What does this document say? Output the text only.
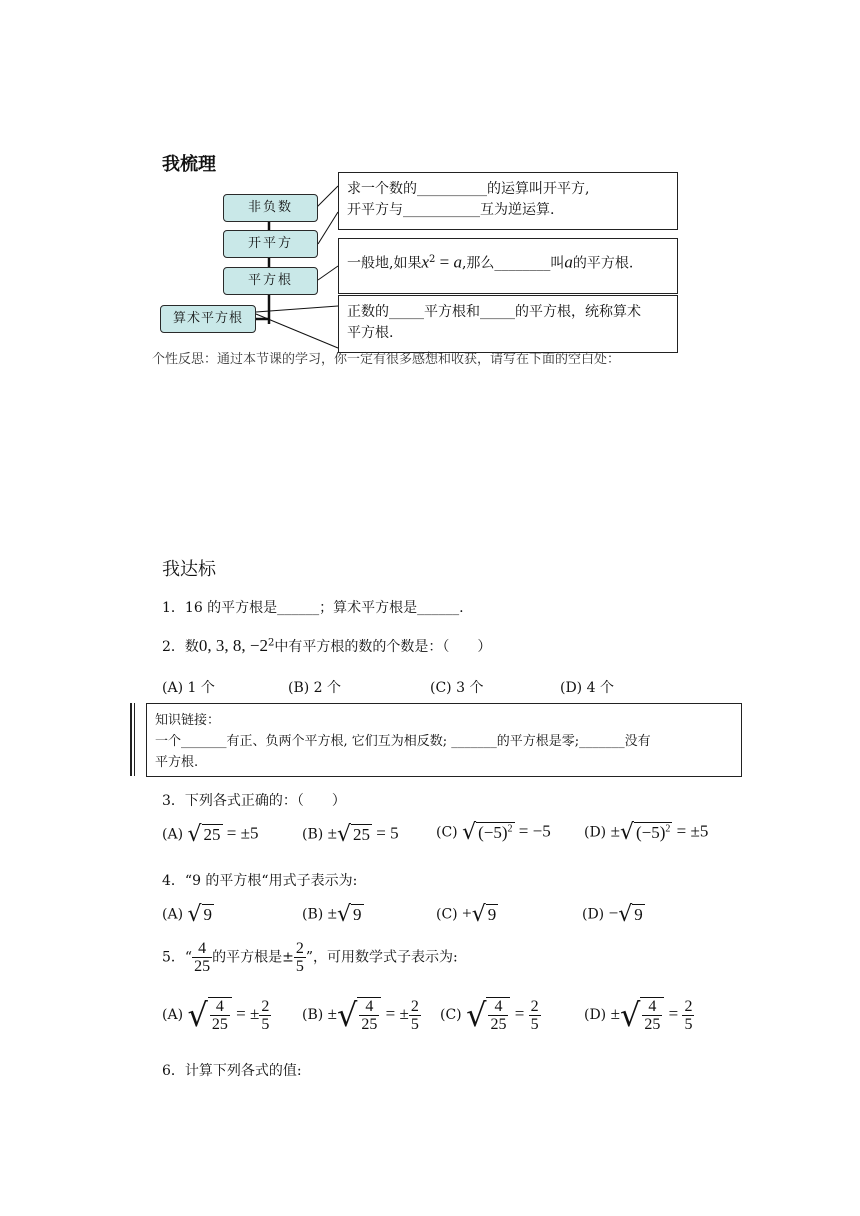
我梳理
非负数
开平方
平方根
算术平方根
求一个数的__________的运算叫开平方,
开平方与___________互为逆运算.
一般地,如果$x^2 = a$,那么________叫a的平方根.
正数的_____平方根和_____的平方根，统称算术
平方根.
个性反思：通过本节课的学习，你一定有很多感想和收获，请写在下面的空白处：
我达标
1．16 的平方根是______；算术平方根是______.
2．数0, 3, 8, $-2^2$中有平方根的数的个数是：（　　）
(A) 1 个	(B) 2 个	(C) 3 个	(D) 4 个
知识链接：
一个_______有正、负两个平方根, 它们互为相反数; _______的平方根是零;_______没有
平方根.
3．下列各式正确的：（　　）
(A) √ 25 = ±5	(B) ±√ 25 = 5	(C) √ $(-5)^2 = -5$ (D) ±√ $(-5)^2 = \pm 5$
4．“9 的平方根“用式子表示为:
(A) √ 9	(B) ±√ 9	(C) +√ 9	(D) −√ 9
5．“ $\frac{4}{25}$ 的平方根是± $\frac{2}{5}$ ”，可用数学式子表示为:
(A) √ $\frac{4}{25}$ = ± $\frac{2}{5} (B)$ ±√ $\frac{4}{25}$ = ± $\frac{2}{5} (C)$ √ $\frac{4}{25} = \frac{2}{5}$	(D) ±√ $\frac{4}{25} = \frac{2}{5}$
6．计算下列各式的值:
